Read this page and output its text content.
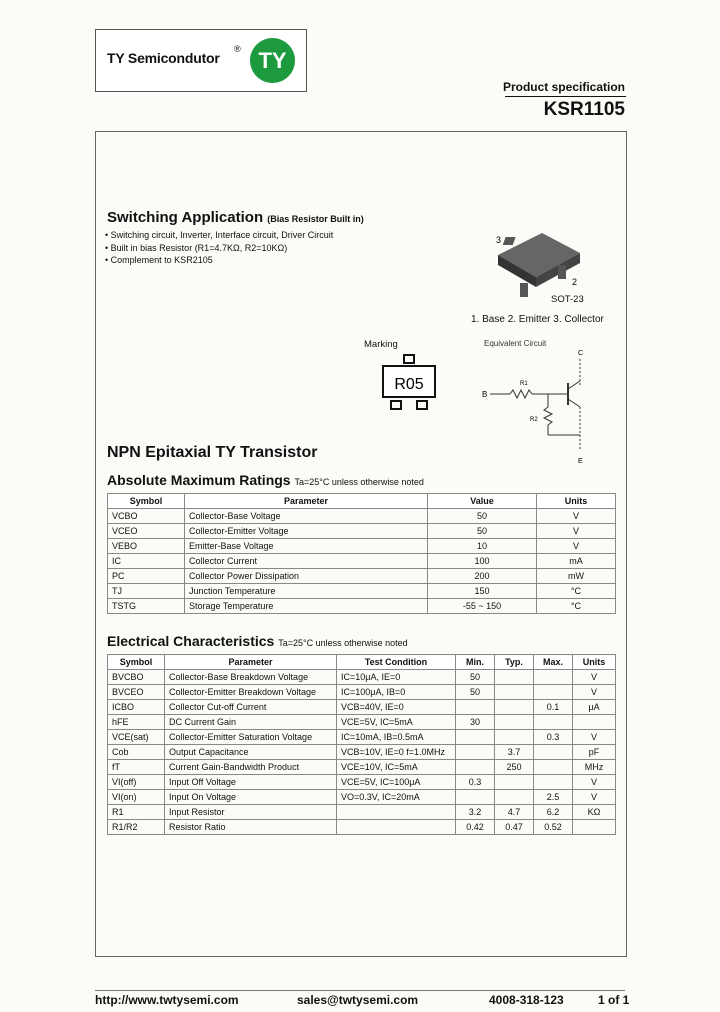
TY Semicondutor
® TY
Product specification
KSR1105
Switching Application (Bias Resistor Built in)
• Switching circuit, Inverter, Interface circuit, Driver Circuit
• Built in bias Resistor (R1=4.7KΩ, R2=10KΩ)
• Complement to KSR2105
3
2
SOT-23
1. Base 2. Emitter 3. Collector
Marking
R05
Equivalent Circuit
C
B
R1
R2
E
NPN Epitaxial TY Transistor
Absolute Maximum Ratings Ta=25°C unless otherwise noted
Symbol	Parameter	Value	Units
VCBO	Collector-Base Voltage	50	V
VCEO	Collector-Emitter Voltage	50	V
VEBO	Emitter-Base Voltage	10	V
IC	Collector Current	100	mA
PC	Collector Power Dissipation	200	mW
TJ	Junction Temperature	150	°C
TSTG	Storage Temperature	-55 ~ 150	°C
Electrical Characteristics Ta=25°C unless otherwise noted
Symbol	Parameter	Test Condition	Min.	Typ.	Max.	Units
BVCBO	Collector-Base Breakdown Voltage	IC=10μA, IE=0	50			V
BVCEO	Collector-Emitter Breakdown Voltage	IC=100μA, IB=0	50			V
ICBO	Collector Cut-off Current	VCB=40V, IE=0			0.1	μA
hFE	DC Current Gain	VCE=5V, IC=5mA	30			
VCE(sat)	Collector-Emitter Saturation Voltage	IC=10mA, IB=0.5mA			0.3	V
Cob	Output Capacitance	VCB=10V, IE=0 f=1.0MHz		3.7		pF
fT	Current Gain-Bandwidth Product	VCE=10V, IC=5mA		250		MHz
VI(off)	Input Off Voltage	VCE=5V, IC=100μA	0.3			V
VI(on)	Input On Voltage	VO=0.3V, IC=20mA			2.5	V
R1	Input Resistor		3.2	4.7	6.2	KΩ
R1/R2	Resistor Ratio		0.42	0.47	0.52	
http://www.twtysemi.com	sales@twtysemi.com	4008-318-123	1 of 1
